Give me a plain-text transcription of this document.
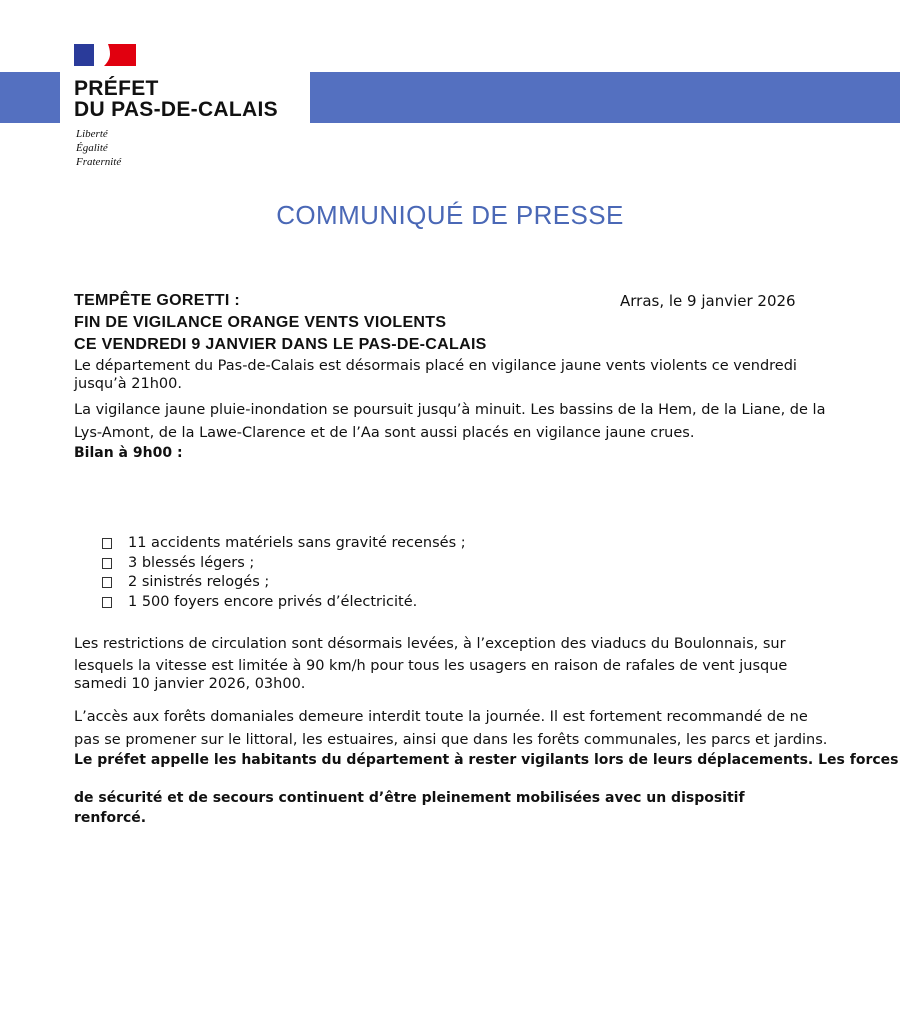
PRÉFET
DU PAS-DE-CALAIS
Liberté
Égalité
Fraternité
COMMUNIQUÉ DE PRESSE
TEMPÊTE GORETTI :
FIN DE VIGILANCE ORANGE VENTS VIOLENTS
CE VENDREDI 9 JANVIER DANS LE PAS-DE-CALAIS
Arras, le 9 janvier 2026
Le département du Pas-de-Calais est désormais placé en vigilance jaune vents violents ce vendredi
jusqu’à 21h00.
La vigilance jaune pluie-inondation se poursuit jusqu’à minuit. Les bassins de la Hem, de la Liane, de la
Lys-Amont, de la Lawe-Clarence et de l’Aa sont aussi placés en vigilance jaune crues.
Bilan à 9h00 :
11 accidents matériels sans gravité recensés ;
3 blessés légers ;
2 sinistrés relogés ;
1 500 foyers encore privés d’électricité.
Les restrictions de circulation sont désormais levées, à l’exception des viaducs du Boulonnais, sur
lesquels la vitesse est limitée à 90 km/h pour tous les usagers en raison de rafales de vent jusque
samedi 10 janvier 2026, 03h00.
L’accès aux forêts domaniales demeure interdit toute la journée. Il est fortement recommandé de ne
pas se promener sur le littoral, les estuaires, ainsi que dans les forêts communales, les parcs et jardins.
Le préfet appelle les habitants du département à rester vigilants lors de leurs déplacements. Les forces
de sécurité et de secours continuent d’être pleinement mobilisées avec un dispositif
renforcé.
